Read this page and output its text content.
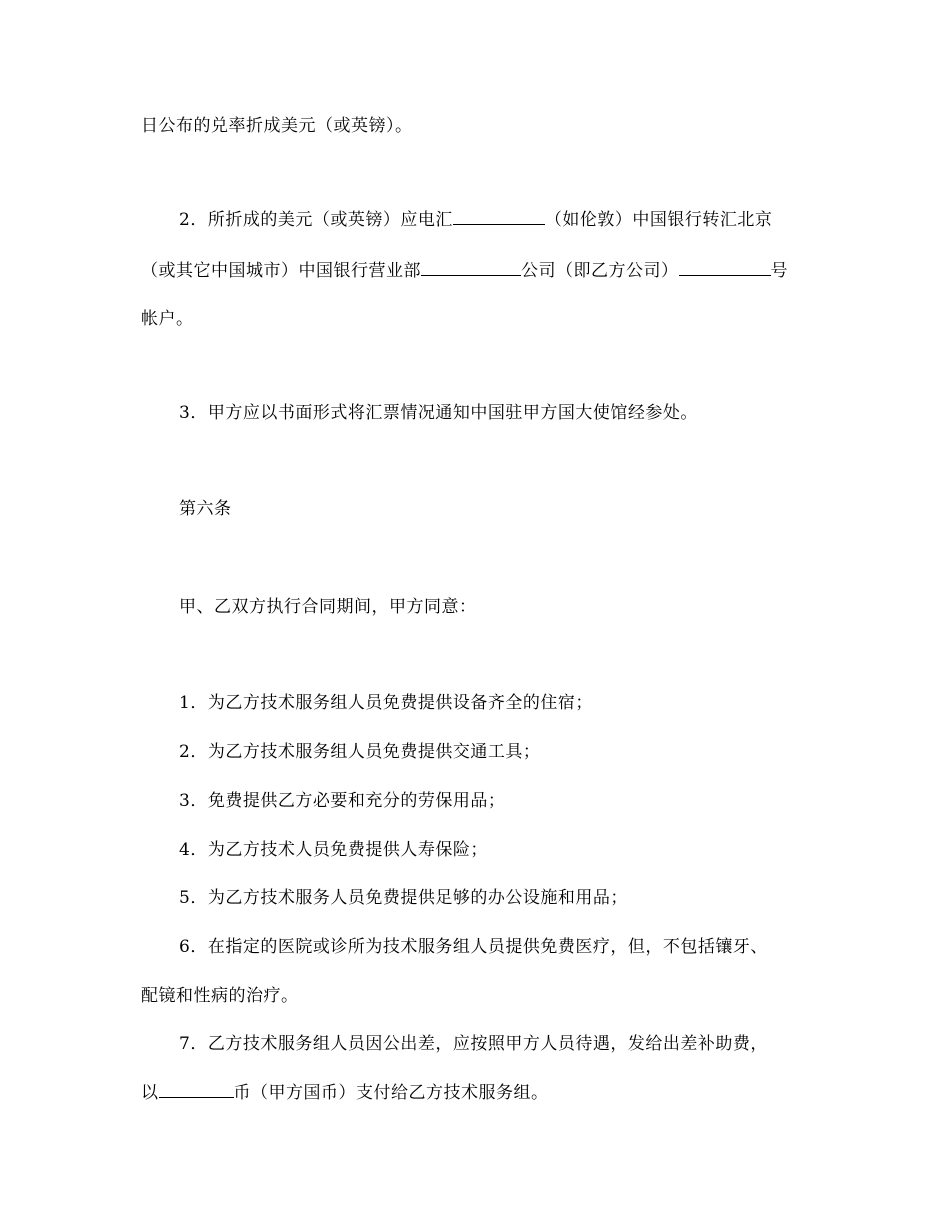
日公布的兑率折成美元（或英镑）。

2．所折成的美元（或英镑）应电汇	（如伦敦）中国银行转汇北京

（或其它中国城市）中国银行营业部	公司（即乙方公司）	号

帐户。

3．甲方应以书面形式将汇票情况通知中国驻甲方国大使馆经参处。

第六条

甲、乙双方执行合同期间，甲方同意：

1．为乙方技术服务组人员免费提供设备齐全的住宿；

2．为乙方技术服务组人员免费提供交通工具；

3．免费提供乙方必要和充分的劳保用品；

4．为乙方技术人员免费提供人寿保险；

5．为乙方技术服务人员免费提供足够的办公设施和用品；

6．在指定的医院或诊所为技术服务组人员提供免费医疗，但，不包括镶牙、

配镜和性病的治疗。

7．乙方技术服务组人员因公出差，应按照甲方人员待遇，发给出差补助费，

以	币（甲方国币）支付给乙方技术服务组。
